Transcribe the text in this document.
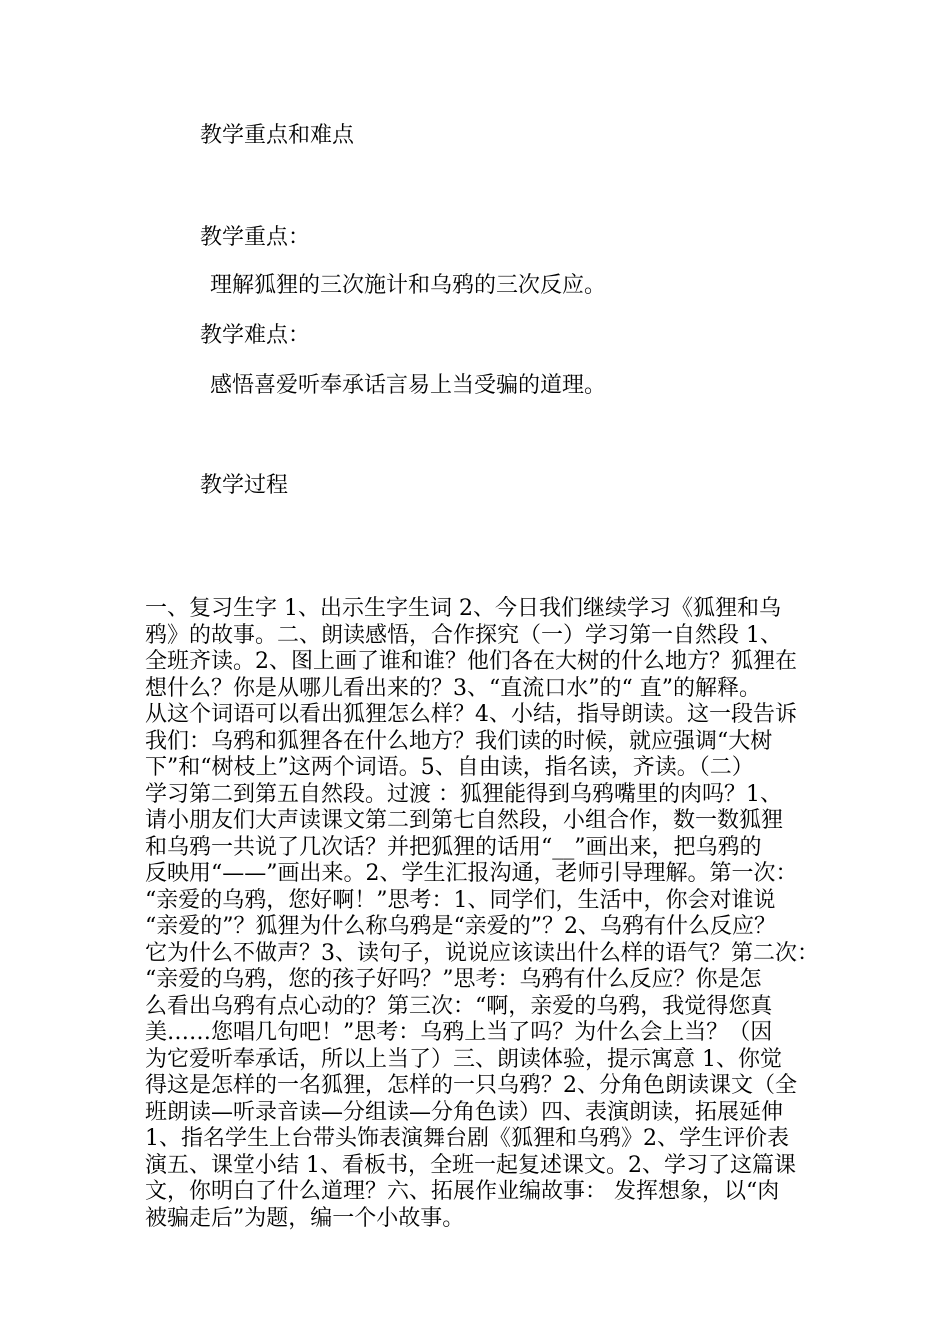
教学重点和难点
教学重点：

理解狐狸的三次施计和乌鸦的三次反应。

教学难点：

感悟喜爱听奉承话言易上当受骗的道理。

教学过程
一、复习生字 1、出示生字生词 2、今日我们继续学习《狐狸和乌
鸦》的故事。二、朗读感悟，合作探究（一）学习第一自然段 1、
全班齐读。2、图上画了谁和谁？他们各在大树的什么地方？狐狸在
想什么？你是从哪儿看出来的？3、“直流口水”的“ 直”的解释。
从这个词语可以看出狐狸怎么样？4、小结，指导朗读。这一段告诉
我们：乌鸦和狐狸各在什么地方？我们读的时候，就应强调“大树
下”和“树枝上”这两个词语。5、自由读，指名读，齐读。（二）
学习第二到第五自然段。过渡 ：狐狸能得到乌鸦嘴里的肉吗？1、
请小朋友们大声读课文第二到第七自然段，小组合作，数一数狐狸
和乌鸦一共说了几次话？并把狐狸的话用“__”画出来，把乌鸦的
反映用“——”画出来。2、学生汇报沟通，老师引导理解。第一次：
“亲爱的乌鸦，您好啊！”思考：1、同学们，生活中，你会对谁说
“亲爱的”？狐狸为什么称乌鸦是“亲爱的”？2、乌鸦有什么反应？
它为什么不做声？3、读句子，说说应该读出什么样的语气？第二次：
“亲爱的乌鸦，您的孩子好吗？”思考：乌鸦有什么反应？你是怎
么看出乌鸦有点心动的？第三次：“啊，亲爱的乌鸦，我觉得您真
美……您唱几句吧！”思考：乌鸦上当了吗？为什么会上当？（因
为它爱听奉承话，所以上当了）三、朗读体验，提示寓意 1、你觉
得这是怎样的一名狐狸，怎样的一只乌鸦？2、分角色朗读课文（全
班朗读—听录音读—分组读—分角色读）四、表演朗读，拓展延伸
1、指名学生上台带头饰表演舞台剧《狐狸和乌鸦》2、学生评价表
演五、课堂小结 1、看板书，全班一起复述课文。2、学习了这篇课
文，你明白了什么道理？六、拓展作业编故事： 发挥想象，以“肉
被骗走后”为题，编一个小故事。
